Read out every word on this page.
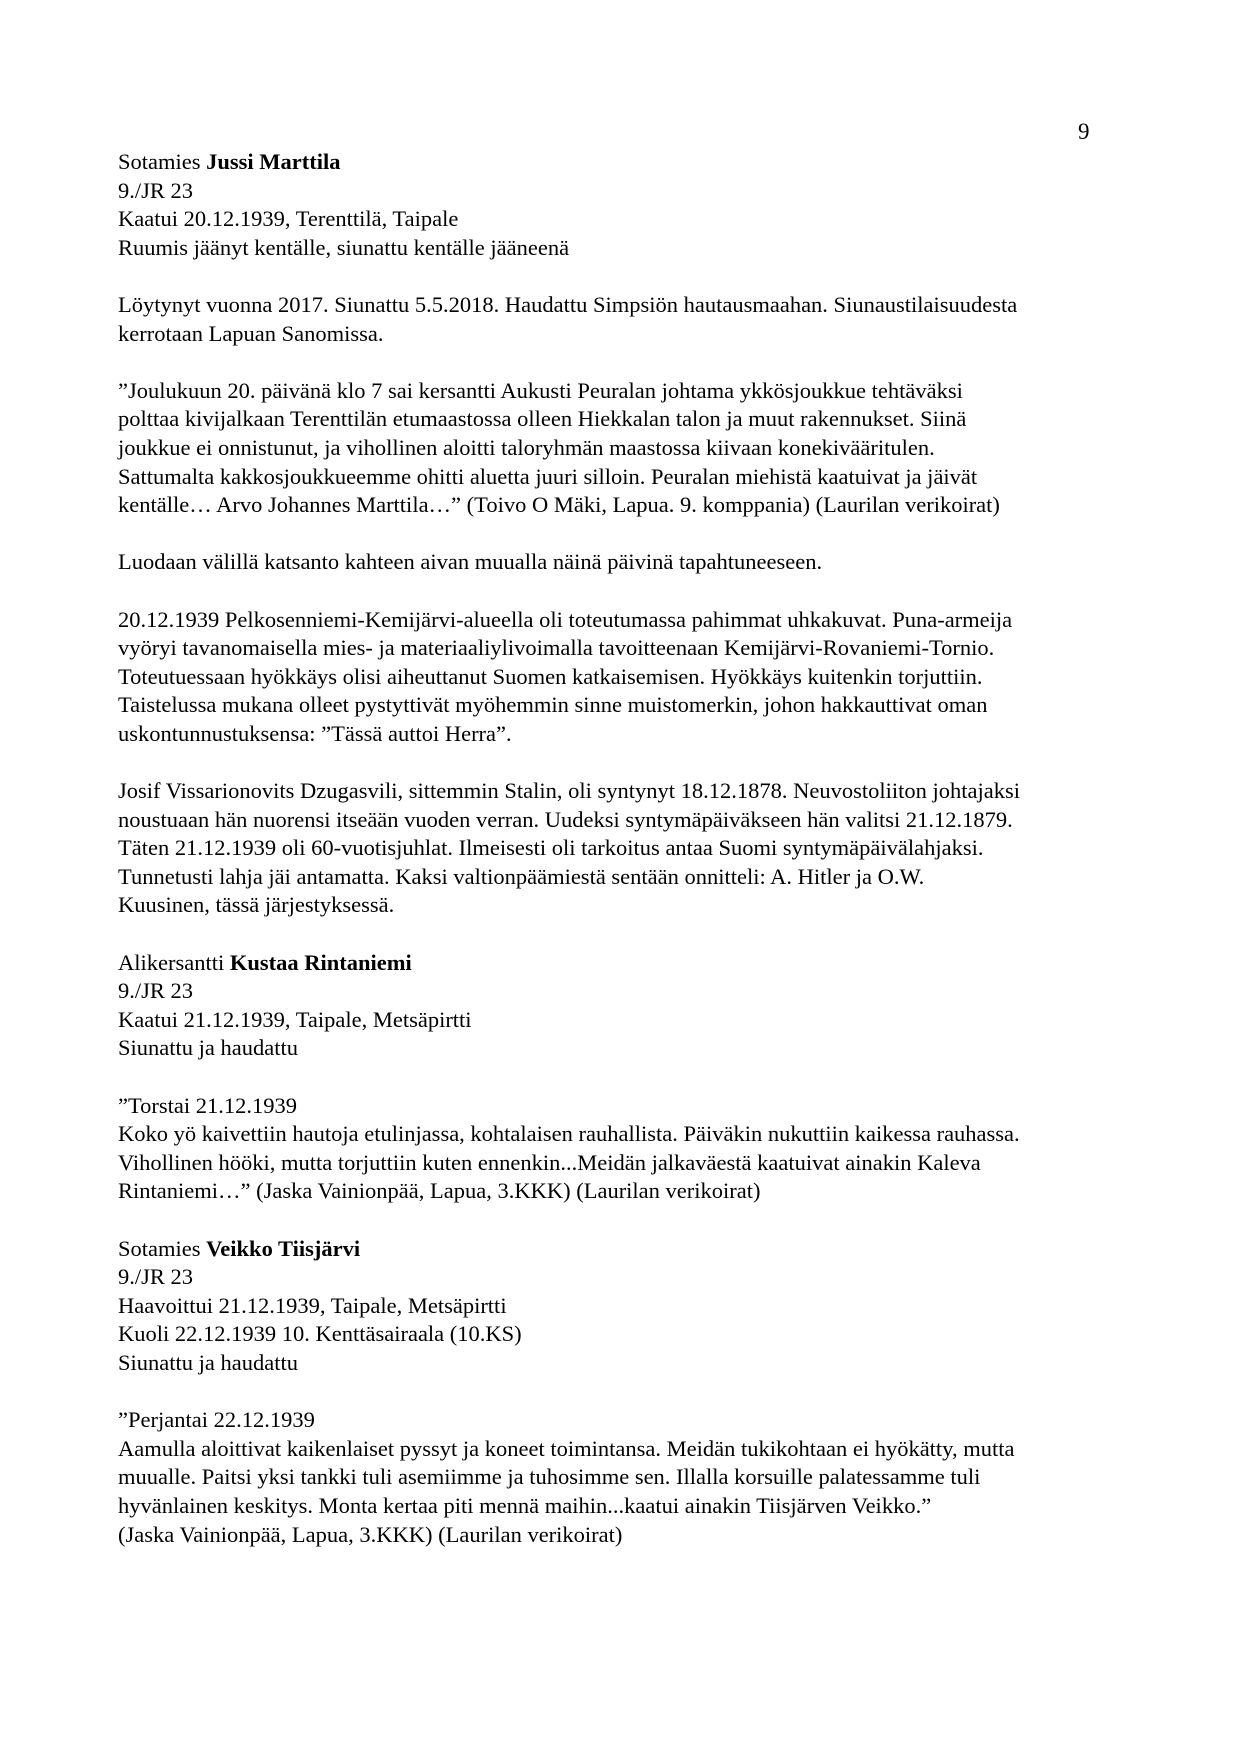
9
Sotamies Jussi Marttila
9./JR 23
Kaatui 20.12.1939, Terenttilä, Taipale
Ruumis jäänyt kentälle, siunattu kentälle jääneenä
Löytynyt vuonna 2017. Siunattu 5.5.2018. Haudattu Simpsiön hautausmaahan. Siunaustilaisuudesta
kerrotaan Lapuan Sanomissa.
”Joulukuun 20. päivänä klo 7 sai kersantti Aukusti Peuralan johtama ykkösjoukkue tehtäväksi
polttaa kivijalkaan Terenttilän etumaastossa olleen Hiekkalan talon ja muut rakennukset. Siinä
joukkue ei onnistunut, ja vihollinen aloitti taloryhmän maastossa kiivaan konekivääritulen.
Sattumalta kakkosjoukkueemme ohitti aluetta juuri silloin. Peuralan miehistä kaatuivat ja jäivät
kentälle… Arvo Johannes Marttila…” (Toivo O Mäki, Lapua. 9. komppania) (Laurilan verikoirat)
Luodaan välillä katsanto kahteen aivan muualla näinä päivinä tapahtuneeseen.
20.12.1939 Pelkosenniemi-Kemijärvi-alueella oli toteutumassa pahimmat uhkakuvat. Puna-armeija
vyöryi tavanomaisella mies- ja materiaaliylivoimalla tavoitteenaan Kemijärvi-Rovaniemi-Tornio.
Toteutuessaan hyökkäys olisi aiheuttanut Suomen katkaisemisen. Hyökkäys kuitenkin torjuttiin.
Taistelussa mukana olleet pystyttivät myöhemmin sinne muistomerkin, johon hakkauttivat oman
uskontunnustuksensa: ”Tässä auttoi Herra”.
Josif Vissarionovits Dzugasvili, sittemmin Stalin, oli syntynyt 18.12.1878. Neuvostoliiton johtajaksi
noustuaan hän nuorensi itseään vuoden verran. Uudeksi syntymäpäiväkseen hän valitsi 21.12.1879.
Täten 21.12.1939 oli 60-vuotisjuhlat. Ilmeisesti oli tarkoitus antaa Suomi syntymäpäivälahjaksi.
Tunnetusti lahja jäi antamatta. Kaksi valtionpäämiestä sentään onnitteli: A. Hitler ja O.W.
Kuusinen, tässä järjestyksessä.
Alikersantti Kustaa Rintaniemi
9./JR 23
Kaatui 21.12.1939, Taipale, Metsäpirtti
Siunattu ja haudattu
”Torstai 21.12.1939
Koko yö kaivettiin hautoja etulinjassa, kohtalaisen rauhallista. Päiväkin nukuttiin kaikessa rauhassa.
Vihollinen hööki, mutta torjuttiin kuten ennenkin...Meidän jalkaväestä kaatuivat ainakin Kaleva
Rintaniemi…” (Jaska Vainionpää, Lapua, 3.KKK) (Laurilan verikoirat)
Sotamies Veikko Tiisjärvi
9./JR 23
Haavoittui 21.12.1939, Taipale, Metsäpirtti
Kuoli 22.12.1939 10. Kenttäsairaala (10.KS)
Siunattu ja haudattu
”Perjantai 22.12.1939
Aamulla aloittivat kaikenlaiset pyssyt ja koneet toimintansa. Meidän tukikohtaan ei hyökätty, mutta
muualle. Paitsi yksi tankki tuli asemiimme ja tuhosimme sen. Illalla korsuille palatessamme tuli
hyvänlainen keskitys. Monta kertaa piti mennä maihin...kaatui ainakin Tiisjärven Veikko.”
(Jaska Vainionpää, Lapua, 3.KKK) (Laurilan verikoirat)
